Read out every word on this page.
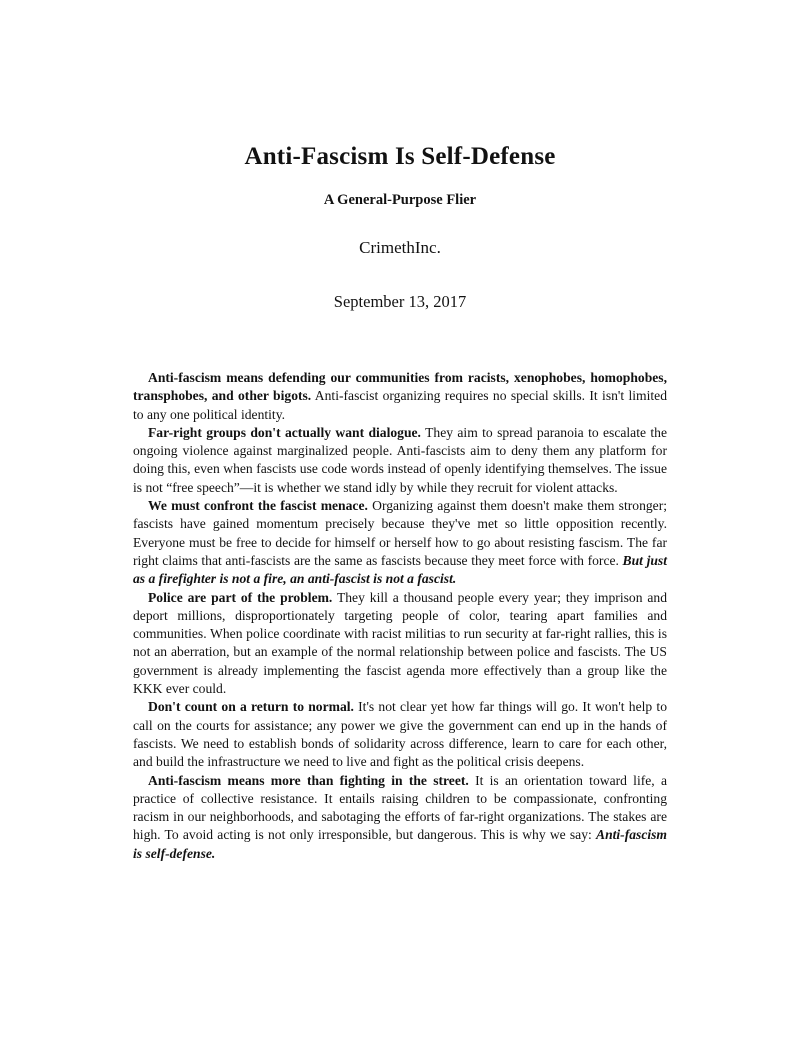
Anti-Fascism Is Self-Defense
A General-Purpose Flier
CrimethInc.
September 13, 2017

Anti-fascism means defending our communities from racists, xenophobes, homophobes, transphobes, and other bigots. Anti-fascist organizing requires no special skills. It isn't limited to any one political identity.

Far-right groups don't actually want dialogue. They aim to spread paranoia to escalate the ongoing violence against marginalized people. Anti-fascists aim to deny them any platform for doing this, even when fascists use code words instead of openly identifying themselves. The issue is not “free speech”—it is whether we stand idly by while they recruit for violent attacks.

We must confront the fascist menace. Organizing against them doesn't make them stronger; fascists have gained momentum precisely because they've met so little opposition recently. Everyone must be free to decide for himself or herself how to go about resisting fascism. The far right claims that anti-fascists are the same as fascists because they meet force with force. But just as a firefighter is not a fire, an anti-fascist is not a fascist.

Police are part of the problem. They kill a thousand people every year; they imprison and deport millions, disproportionately targeting people of color, tearing apart families and communities. When police coordinate with racist militias to run security at far-right rallies, this is not an aberration, but an example of the normal relationship between police and fascists. The US government is already implementing the fascist agenda more effectively than a group like the KKK ever could.

Don't count on a return to normal. It's not clear yet how far things will go. It won't help to call on the courts for assistance; any power we give the government can end up in the hands of fascists. We need to establish bonds of solidarity across difference, learn to care for each other, and build the infrastructure we need to live and fight as the political crisis deepens.

Anti-fascism means more than fighting in the street. It is an orientation toward life, a practice of collective resistance. It entails raising children to be compassionate, confronting racism in our neighborhoods, and sabotaging the efforts of far-right organizations. The stakes are high. To avoid acting is not only irresponsible, but dangerous. This is why we say: Anti-fascism is self-defense.
